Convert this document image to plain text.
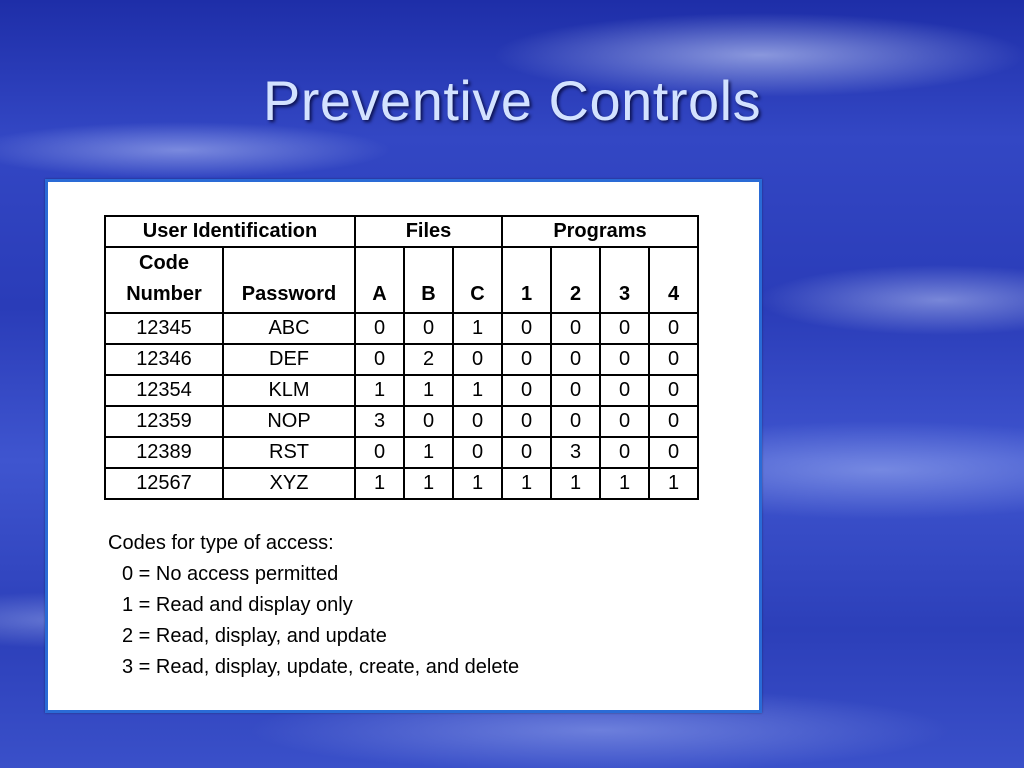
Preventive Controls
User Identification		Files			Programs			
Code
Number	Password	A	B	C	1	2	3	4
12345	ABC	0	0	1	0	0	0	0
12346	DEF	0	2	0	0	0	0	0
12354	KLM	1	1	1	0	0	0	0
12359	NOP	3	0	0	0	0	0	0
12389	RST	0	1	0	0	3	0	0
12567	XYZ	1	1	1	1	1	1	1
Codes for type of access:
0 = No access permitted
1 = Read and display only
2 = Read, display, and update
3 = Read, display, update, create, and delete
